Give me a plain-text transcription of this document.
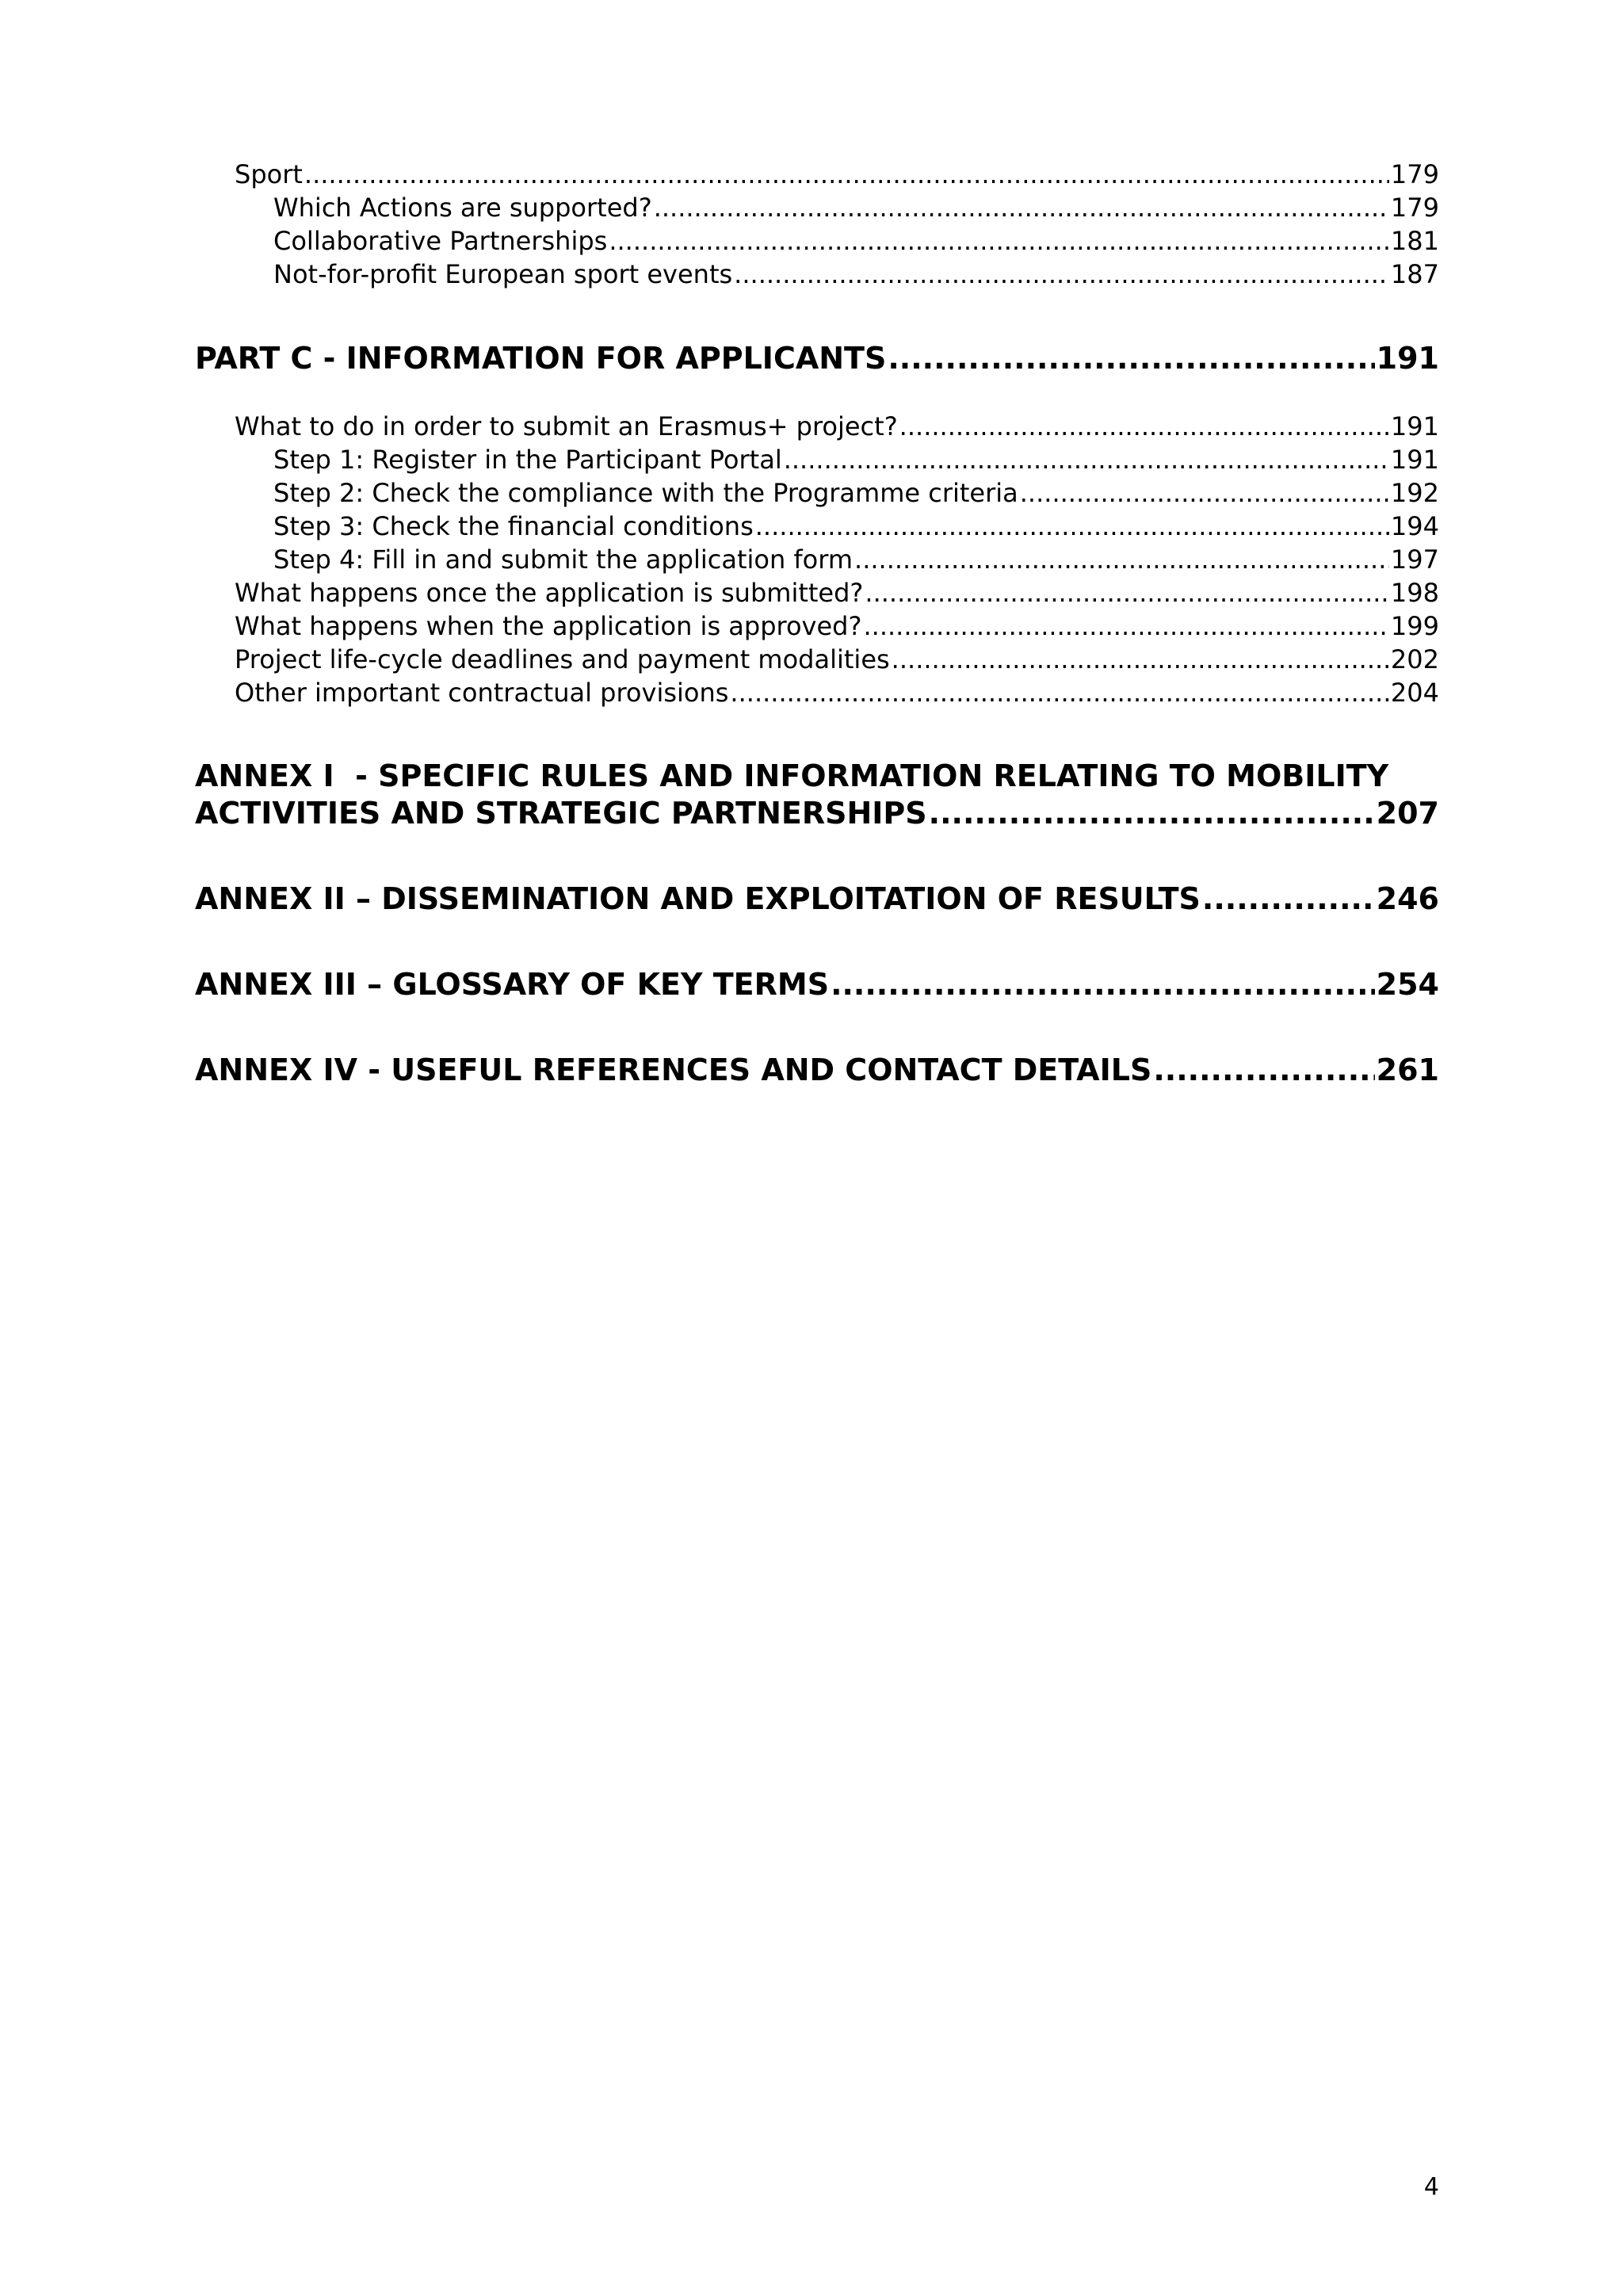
Sport .....	179
Which Actions are supported? .....	179
Collaborative Partnerships .....	181
Not-for-profit European sport events .....	187
PART C - INFORMATION FOR APPLICANTS .....	191
What to do in order to submit an Erasmus+ project? .....	191
Step 1: Register in the Participant Portal .....	191
Step 2: Check the compliance with the Programme criteria .....	192
Step 3: Check the financial conditions .....	194
Step 4: Fill in and submit the application form .....	197
What happens once the application is submitted? .....	198
What happens when the application is approved? .....	199
Project life-cycle deadlines and payment modalities .....	202
Other important contractual provisions .....	204
ANNEX I  - SPECIFIC RULES AND INFORMATION RELATING TO MOBILITY
ACTIVITIES AND STRATEGIC PARTNERSHIPS .....	207
ANNEX II – DISSEMINATION AND EXPLOITATION OF RESULTS .....	246
ANNEX III – GLOSSARY OF KEY TERMS .....	254
ANNEX IV - USEFUL REFERENCES AND CONTACT DETAILS .....	261
4
